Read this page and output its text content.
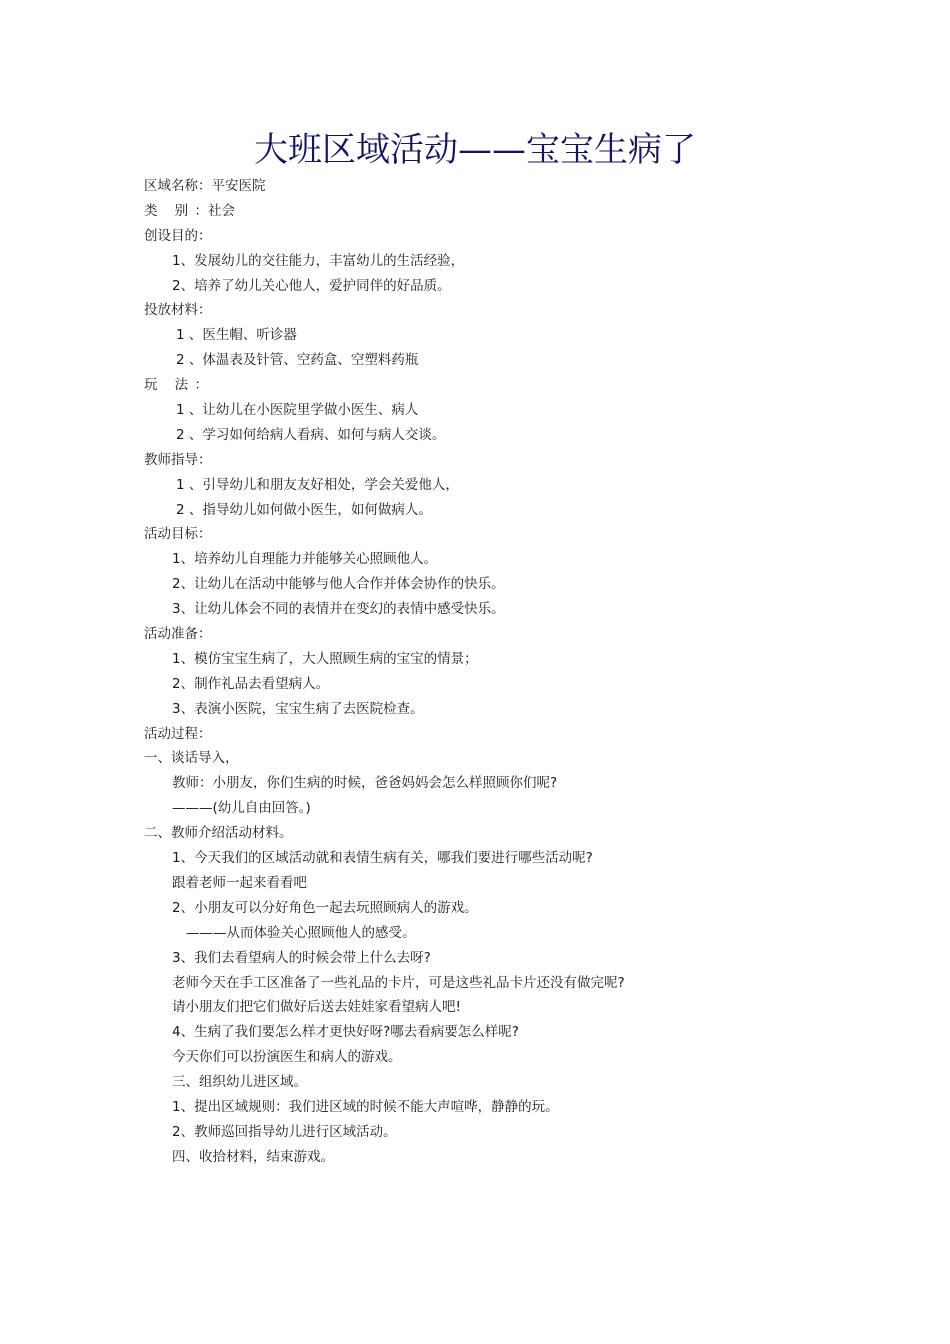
大班区域活动——宝宝生病了
区域名称：平安医院
类 别：社会
创设目的：
1、发展幼儿的交往能力，丰富幼儿的生活经验，
2、培养了幼儿关心他人，爱护同伴的好品质。
投放材料：
1 、医生帽、听诊器
2 、体温表及针管、空药盒、空塑料药瓶
玩 法：
1 、让幼儿在小医院里学做小医生、病人
2 、学习如何给病人看病、如何与病人交谈。
教师指导：
1 、引导幼儿和朋友友好相处，学会关爱他人，
2 、指导幼儿如何做小医生，如何做病人。
活动目标：
1、培养幼儿自理能力并能够关心照顾他人。
2、让幼儿在活动中能够与他人合作并体会协作的快乐。
3、让幼儿体会不同的表情并在变幻的表情中感受快乐。
活动准备：
1、模仿宝宝生病了，大人照顾生病的宝宝的情景；
2、制作礼品去看望病人。
3、表演小医院，宝宝生病了去医院检查。
活动过程：
一、谈话导入，
教师：小朋友，你们生病的时候，爸爸妈妈会怎么样照顾你们呢?
———(幼儿自由回答。)
二、教师介绍活动材料。
1、今天我们的区域活动就和表情生病有关，哪我们要进行哪些活动呢?
跟着老师一起来看看吧
2、小朋友可以分好角色一起去玩照顾病人的游戏。
———从而体验关心照顾他人的感受。
3、我们去看望病人的时候会带上什么去呀?
老师今天在手工区准备了一些礼品的卡片，可是这些礼品卡片还没有做完呢?
请小朋友们把它们做好后送去娃娃家看望病人吧!
4、生病了我们要怎么样才更快好呀?哪去看病要怎么样呢?
今天你们可以扮演医生和病人的游戏。
三、组织幼儿进区域。
1、提出区域规则：我们进区域的时候不能大声喧哗，静静的玩。
2、教师巡回指导幼儿进行区域活动。
四、收拾材料，结束游戏。
